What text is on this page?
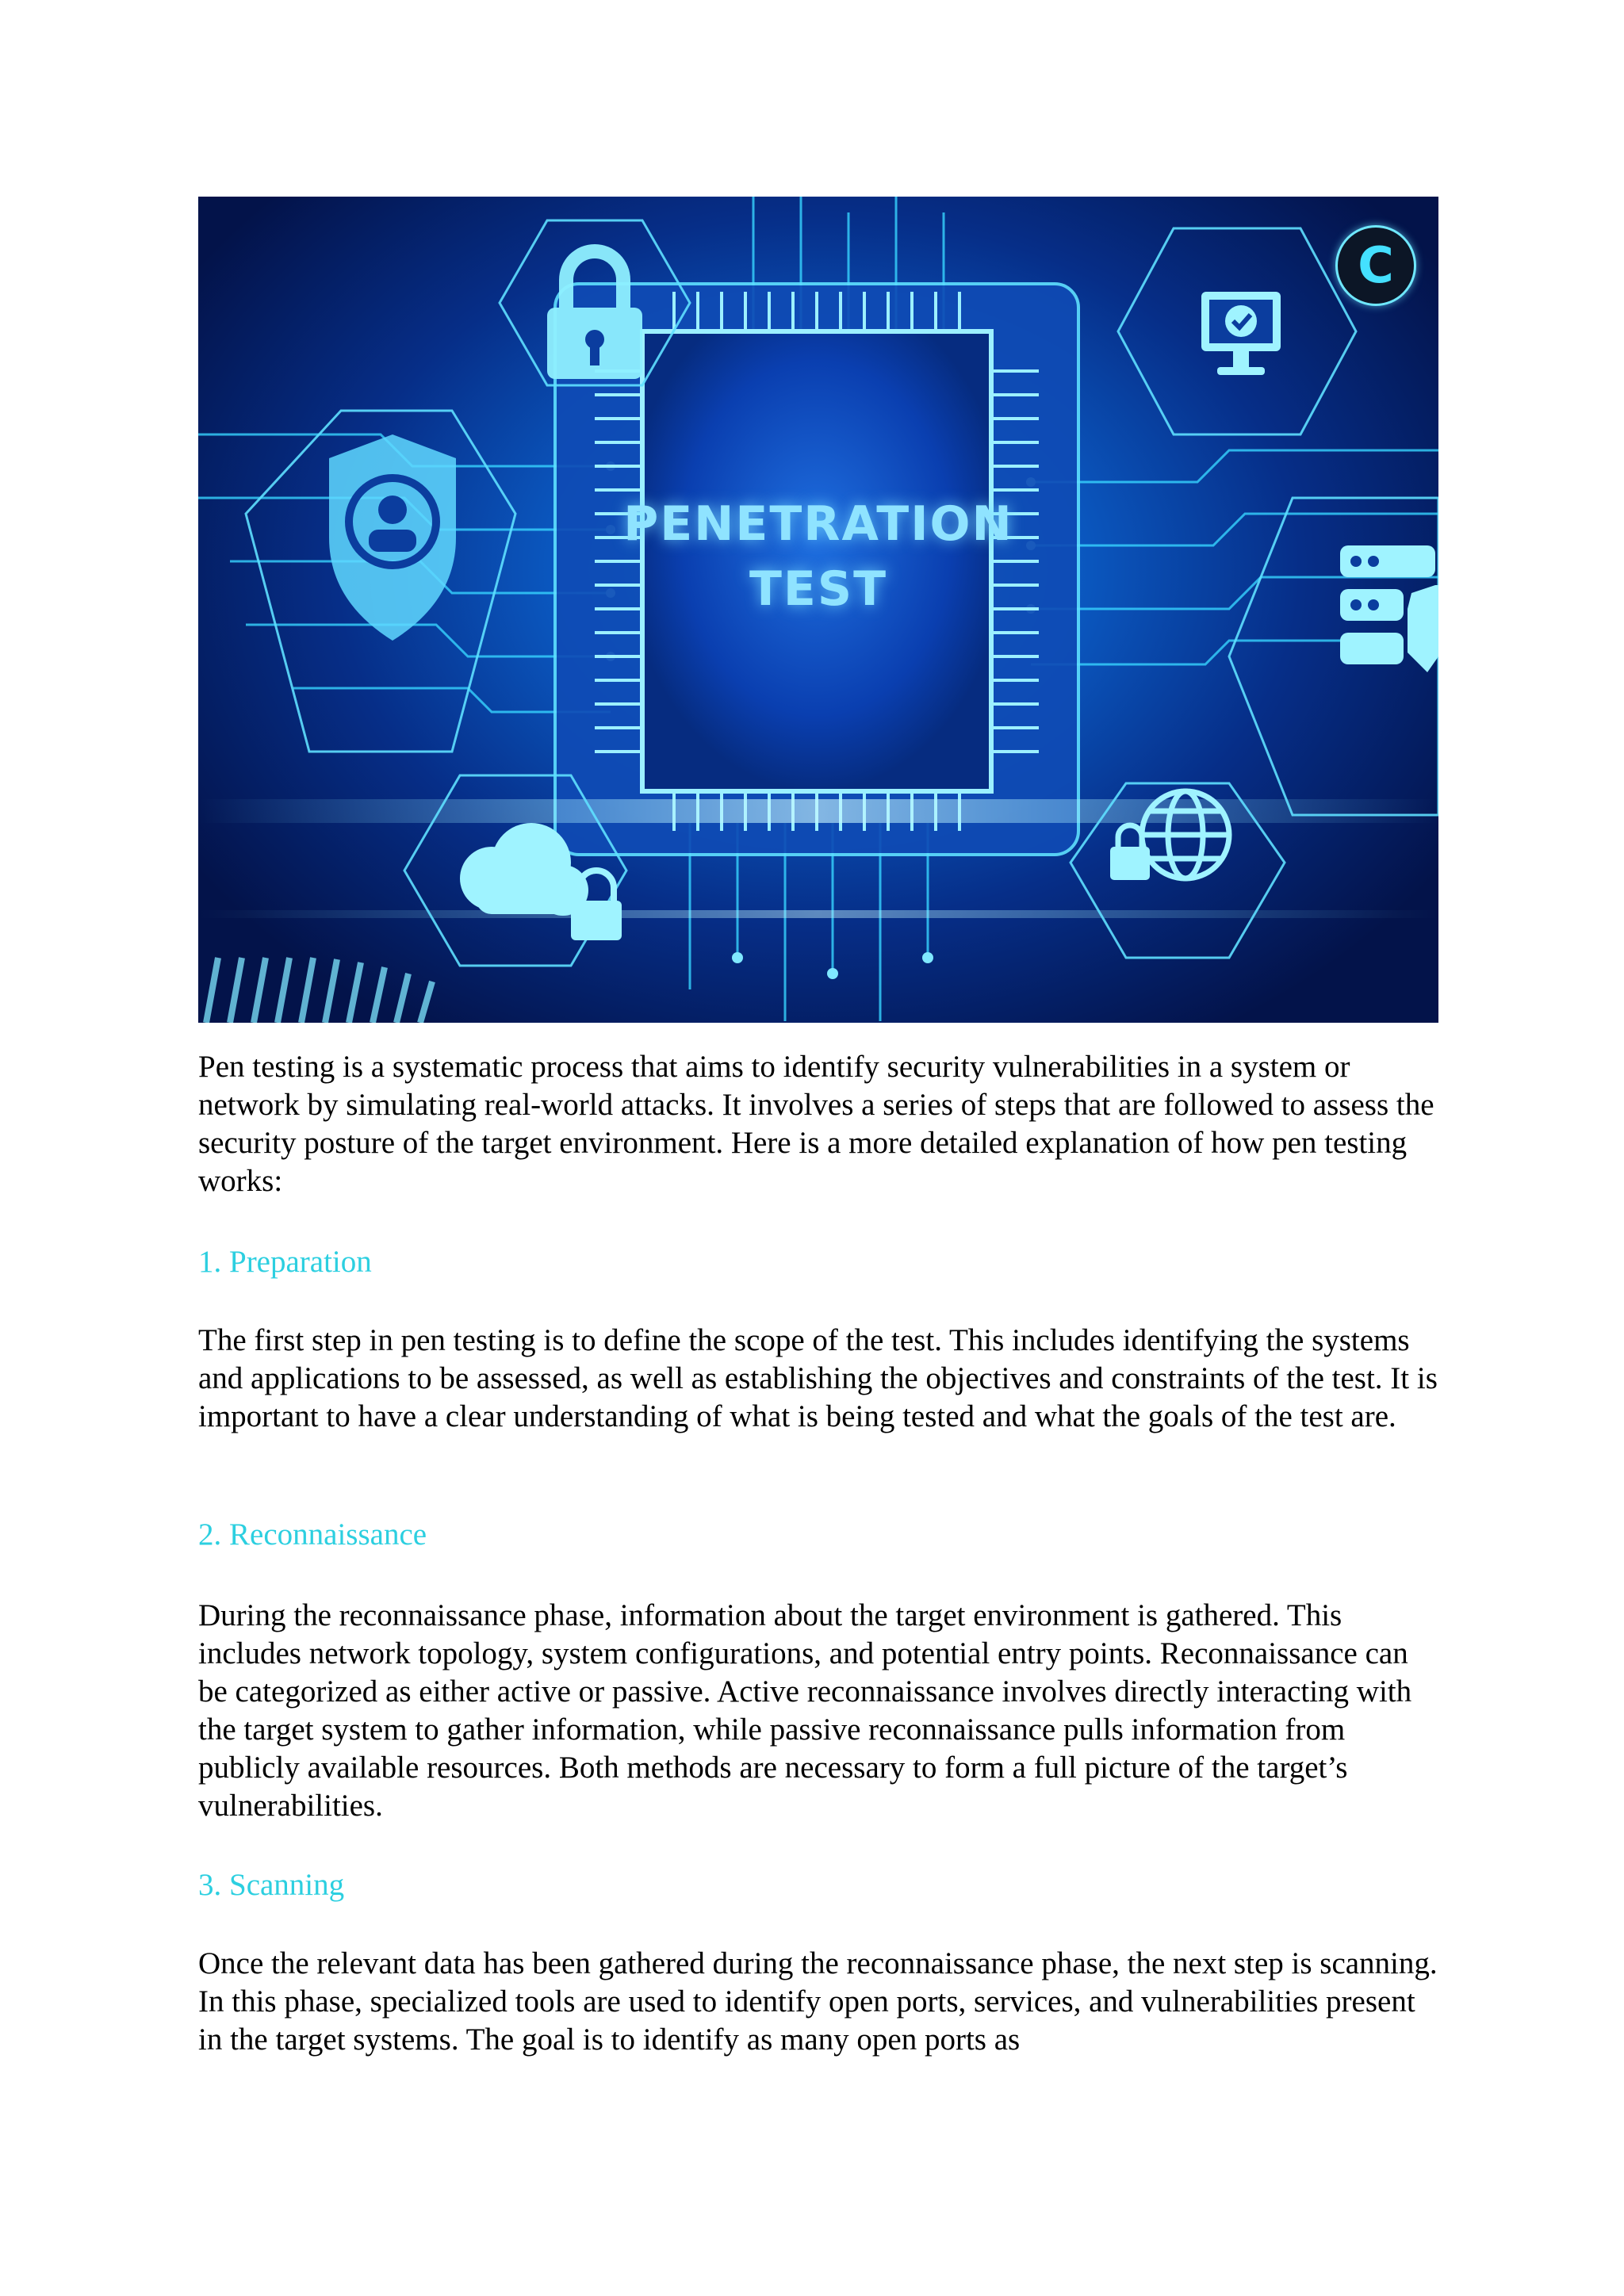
PENETRATION
TEST
C

Pen testing is a systematic process that aims to identify security vulnerabilities in a system or network by simulating real-world attacks. It involves a series of steps that are followed to assess the security posture of the target environment. Here is a more detailed explanation of how pen testing works:

1. Preparation

The first step in pen testing is to define the scope of the test. This includes identifying the systems and applications to be assessed, as well as establishing the objectives and constraints of the test. It is important to have a clear understanding of what is being tested and what the goals of the test are.

2. Reconnaissance

During the reconnaissance phase, information about the target environment is gathered. This includes network topology, system configurations, and potential entry points. Reconnaissance can be categorized as either active or passive. Active reconnaissance involves directly interacting with the target system to gather information, while passive reconnaissance pulls information from publicly available resources. Both methods are necessary to form a full picture of the target’s vulnerabilities.

3. Scanning

Once the relevant data has been gathered during the reconnaissance phase, the next step is scanning. In this phase, specialized tools are used to identify open ports, services, and vulnerabilities present in the target systems. The goal is to identify as many open ports as
